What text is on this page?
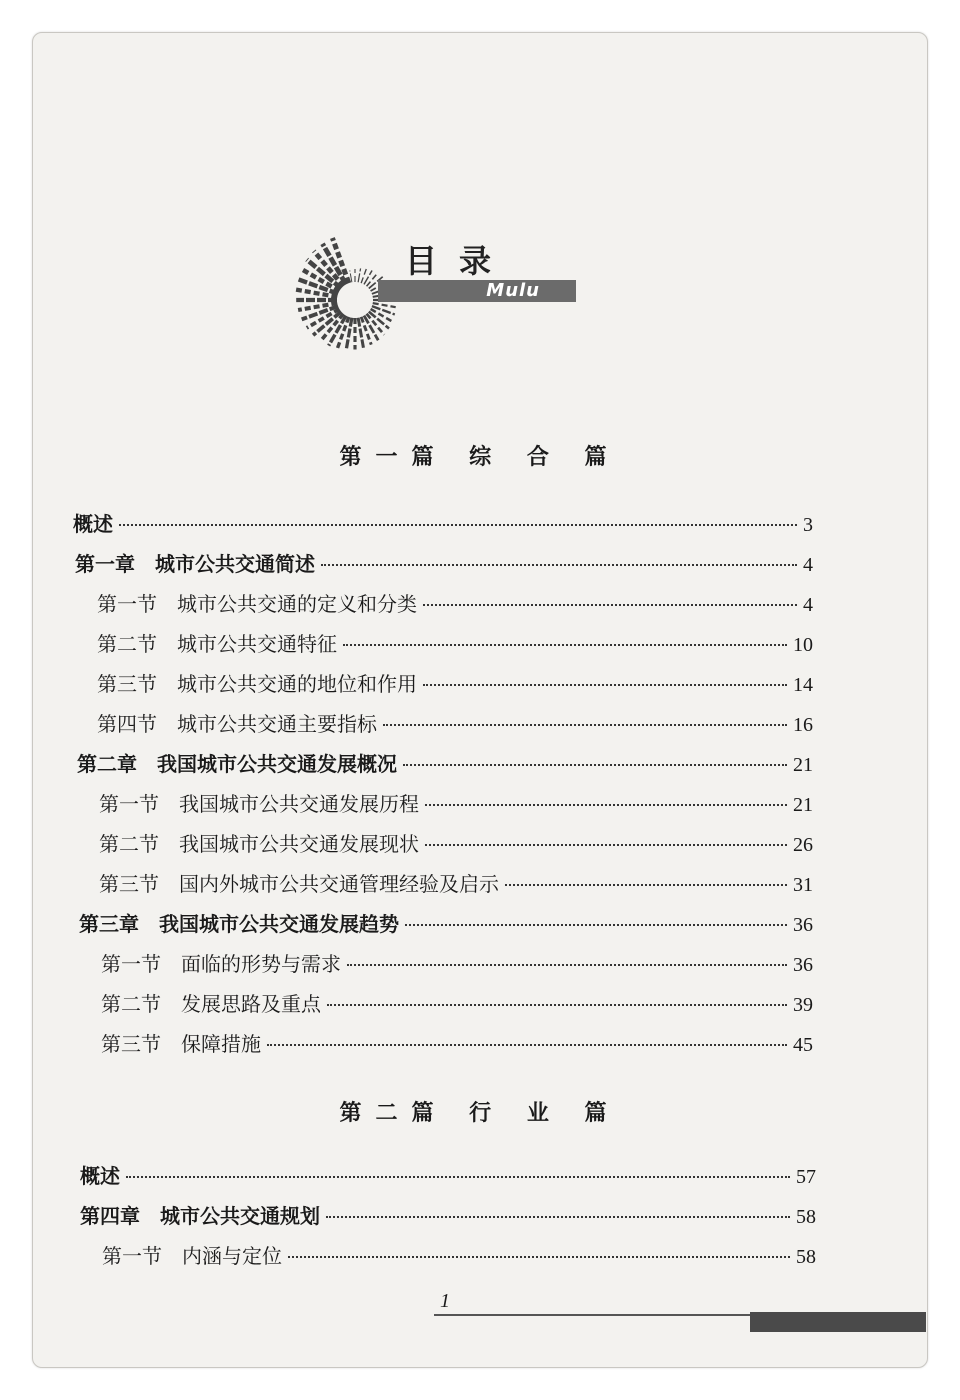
目录
Mulu
第一篇 综 合 篇
概述	3
第一章　城市公共交通简述	4
第一节　城市公共交通的定义和分类	4
第二节　城市公共交通特征	10
第三节　城市公共交通的地位和作用	14
第四节　城市公共交通主要指标	16
第二章　我国城市公共交通发展概况	21
第一节　我国城市公共交通发展历程	21
第二节　我国城市公共交通发展现状	26
第三节　国内外城市公共交通管理经验及启示	31
第三章　我国城市公共交通发展趋势	36
第一节　面临的形势与需求	36
第二节　发展思路及重点	39
第三节　保障措施	45
第二篇 行 业 篇
概述	57
第四章　城市公共交通规划	58
第一节　内涵与定位	58
1
